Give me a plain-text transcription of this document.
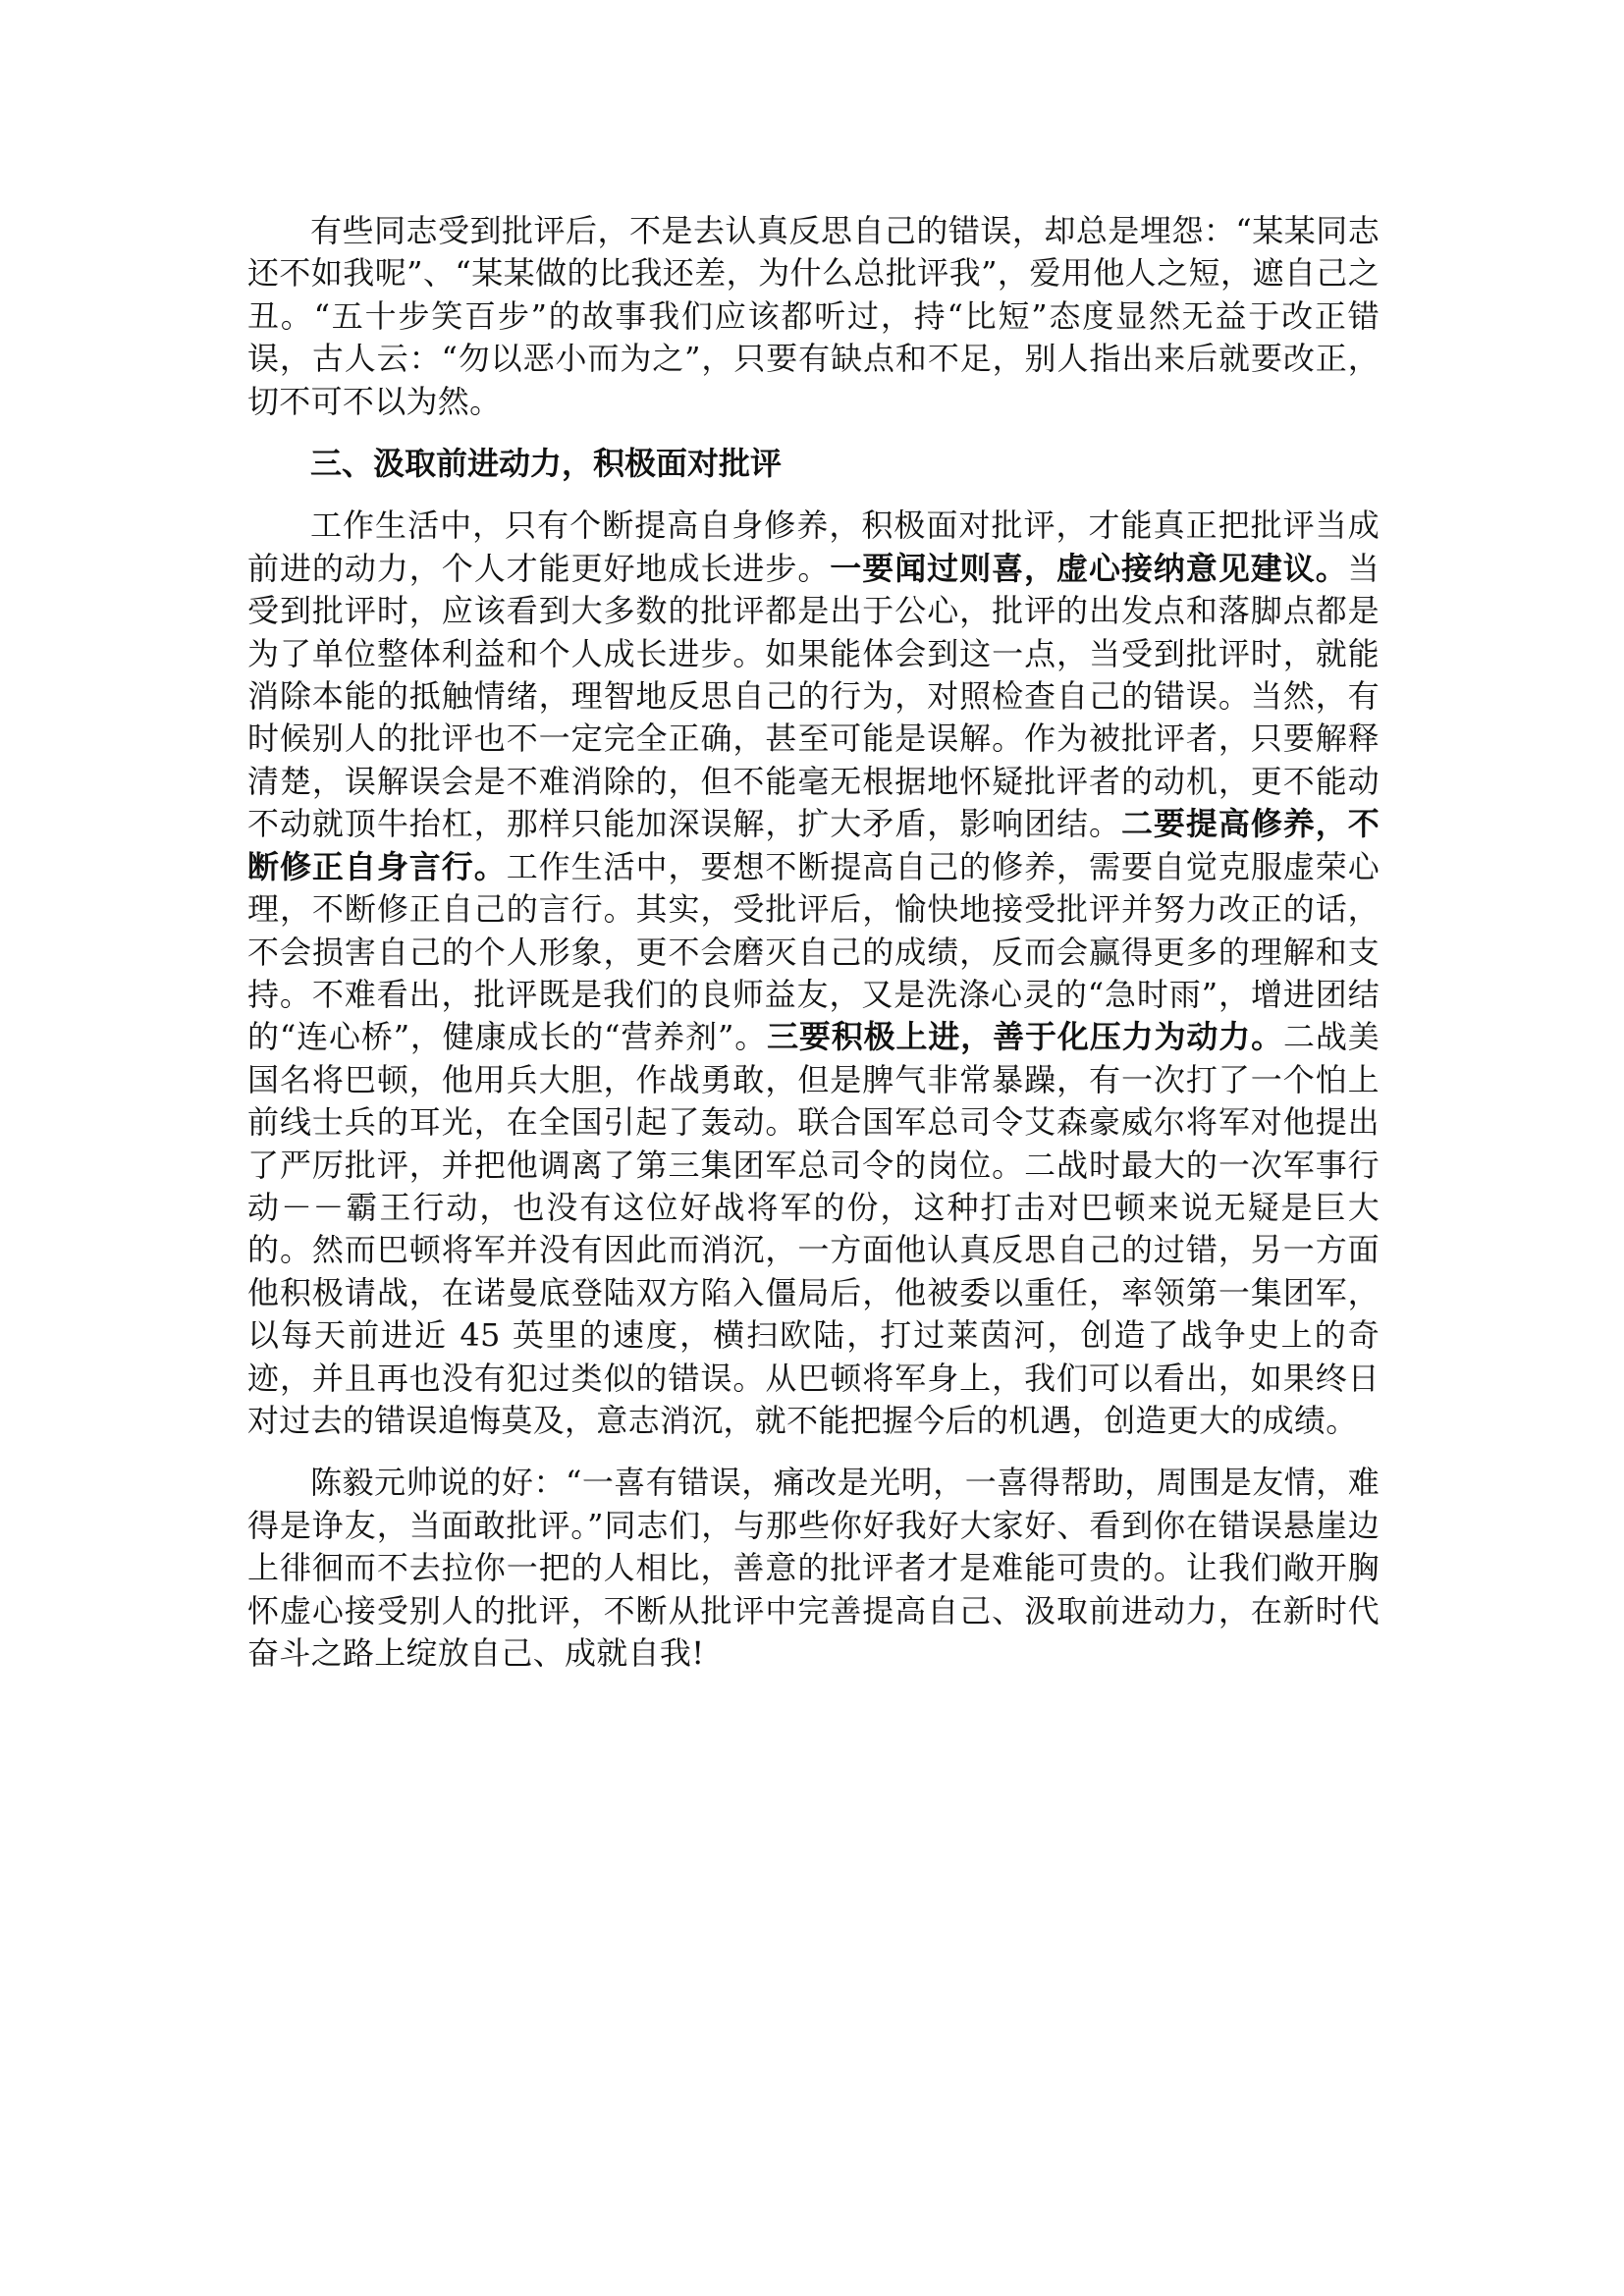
有些同志受到批评后，不是去认真反思自己的错误，却总是埋怨：“某某同志还不如我呢”、“某某做的比我还差，为什么总批评我”，爱用他人之短，遮自己之丑。“五十步笑百步”的故事我们应该都听过，持“比短”态度显然无益于改正错误，古人云：“勿以恶小而为之”，只要有缺点和不足，别人指出来后就要改正，切不可不以为然。

三、汲取前进动力，积极面对批评

工作生活中，只有个断提高自身修养，积极面对批评，才能真正把批评当成前进的动力，个人才能更好地成长进步。一要闻过则喜，虚心接纳意见建议。当受到批评时，应该看到大多数的批评都是出于公心，批评的出发点和落脚点都是为了单位整体利益和个人成长进步。如果能体会到这一点，当受到批评时，就能消除本能的抵触情绪，理智地反思自己的行为，对照检查自己的错误。当然，有时候别人的批评也不一定完全正确，甚至可能是误解。作为被批评者，只要解释清楚，误解误会是不难消除的，但不能毫无根据地怀疑批评者的动机，更不能动不动就顶牛抬杠，那样只能加深误解，扩大矛盾，影响团结。二要提高修养，不断修正自身言行。工作生活中，要想不断提高自己的修养，需要自觉克服虚荣心理，不断修正自己的言行。其实，受批评后，愉快地接受批评并努力改正的话，不会损害自己的个人形象，更不会磨灭自己的成绩，反而会赢得更多的理解和支持。不难看出，批评既是我们的良师益友，又是洗涤心灵的“急时雨”，增进团结的“连心桥”，健康成长的“营养剂”。三要积极上进，善于化压力为动力。二战美国名将巴顿，他用兵大胆，作战勇敢，但是脾气非常暴躁，有一次打了一个怕上前线士兵的耳光，在全国引起了轰动。联合国军总司令艾森豪威尔将军对他提出了严厉批评，并把他调离了第三集团军总司令的岗位。二战时最大的一次军事行动－－霸王行动，也没有这位好战将军的份，这种打击对巴顿来说无疑是巨大的。然而巴顿将军并没有因此而消沉，一方面他认真反思自己的过错，另一方面他积极请战，在诺曼底登陆双方陷入僵局后，他被委以重任，率领第一集团军，以每天前进近 45 英里的速度，横扫欧陆，打过莱茵河，创造了战争史上的奇迹，并且再也没有犯过类似的错误。从巴顿将军身上，我们可以看出，如果终日对过去的错误追悔莫及，意志消沉，就不能把握今后的机遇，创造更大的成绩。

陈毅元帅说的好：“一喜有错误，痛改是光明，一喜得帮助，周围是友情，难得是诤友，当面敢批评。”同志们，与那些你好我好大家好、看到你在错误悬崖边上徘徊而不去拉你一把的人相比，善意的批评者才是难能可贵的。让我们敞开胸怀虚心接受别人的批评，不断从批评中完善提高自己、汲取前进动力，在新时代奋斗之路上绽放自己、成就自我!
